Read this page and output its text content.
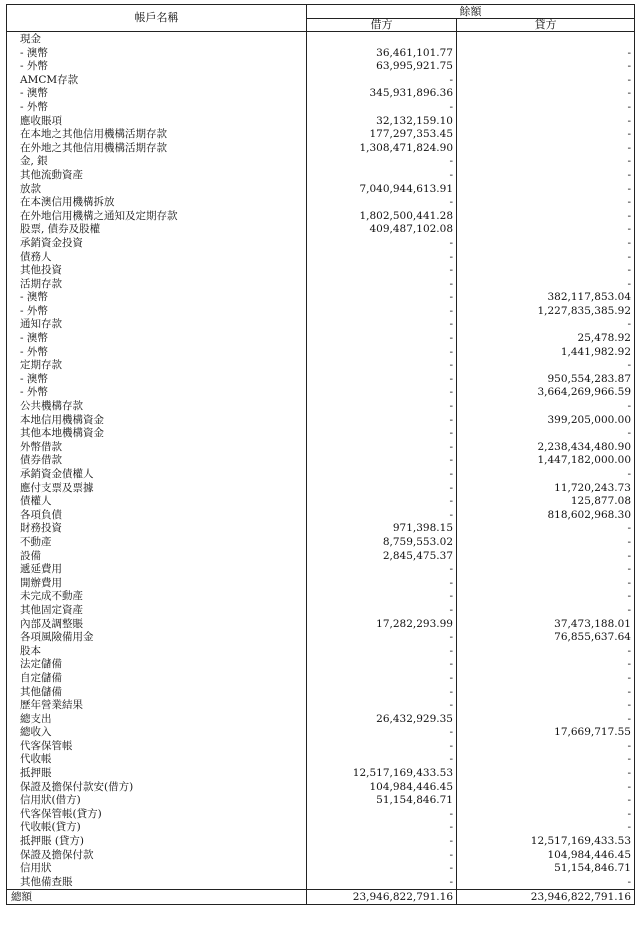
帳戶名稱	餘額	
	借方	貸方
現金		
- 澳幣	36,461,101.77	-
- 外幣	63,995,921.75	-
AMCM存款	-	-
- 澳幣	345,931,896.36	-
- 外幣	-	-
應收賬項	32,132,159.10	-
在本地之其他信用機構活期存款	177,297,353.45	-
在外地之其他信用機構活期存款	1,308,471,824.90	-
金, 銀	-	-
其他流動資產	-	-
放款	7,040,944,613.91	-
在本澳信用機構拆放	-	-
在外地信用機構之通知及定期存款	1,802,500,441.28	-
股票, 債券及股權	409,487,102.08	-
承銷資金投資	-	-
債務人	-	-
其他投資	-	-
活期存款	-	-
- 澳幣	-	382,117,853.04
- 外幣	-	1,227,835,385.92
通知存款	-	-
- 澳幣	-	25,478.92
- 外幣	-	1,441,982.92
定期存款	-	-
- 澳幣	-	950,554,283.87
- 外幣	-	3,664,269,966.59
公共機構存款	-	-
本地信用機構資金	-	399,205,000.00
其他本地機構資金	-	-
外幣借款	-	2,238,434,480.90
債券借款	-	1,447,182,000.00
承銷資金債權人	-	-
應付支票及票據	-	11,720,243.73
債權人	-	125,877.08
各項負債	-	818,602,968.30
財務投資	971,398.15	-
不動產	8,759,553.02	-
設備	2,845,475.37	-
遞延費用	-	-
開辦費用	-	-
未完成不動產	-	-
其他固定資產	-	-
內部及調整賬	17,282,293.99	37,473,188.01
各項風險備用金	-	76,855,637.64
股本	-	-
法定儲備	-	-
自定儲備	-	-
其他儲備	-	-
歷年營業結果	-	-
總支出	26,432,929.35	-
總收入	-	17,669,717.55
代客保管帳	-	-
代收帳	-	-
抵押賬	12,517,169,433.53	-
保證及擔保付款安(借方)	104,984,446.45	-
信用狀(借方)	51,154,846.71	-
代客保管帳(貸方)	-	-
代收帳(貸方)	-	-
抵押賬 (貸方)	-	12,517,169,433.53
保證及擔保付款	-	104,984,446.45
信用狀	-	51,154,846.71
其他備查賬	-	-
總額	23,946,822,791.16	23,946,822,791.16
